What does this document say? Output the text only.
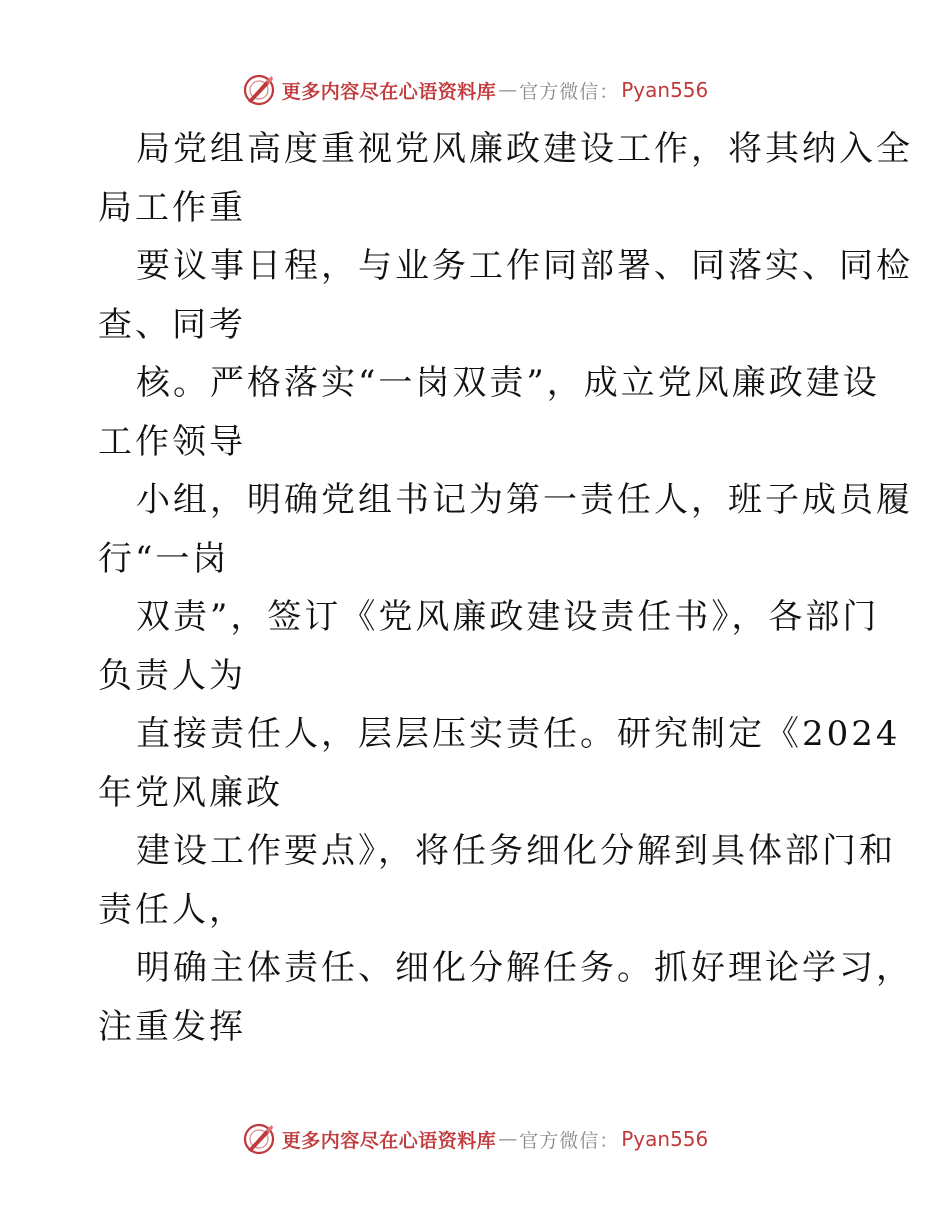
更多内容尽在心语资料库 — 官方微信： Pyan556

局党组高度重视党风廉政建设工作，将其纳入全

局工作重

要议事日程，与业务工作同部署、同落实、同检

查、同考

核。严格落实“一岗双责”，成立党风廉政建设

工作领导

小组，明确党组书记为第一责任人，班子成员履

行“一岗

双责”，签订《党风廉政建设责任书》，各部门

负责人为

直接责任人，层层压实责任。研究制定《2024

年党风廉政

建设工作要点》，将任务细化分解到具体部门和

责任人，

明确主体责任、细化分解任务。抓好理论学习，

注重发挥

更多内容尽在心语资料库 — 官方微信： Pyan556
